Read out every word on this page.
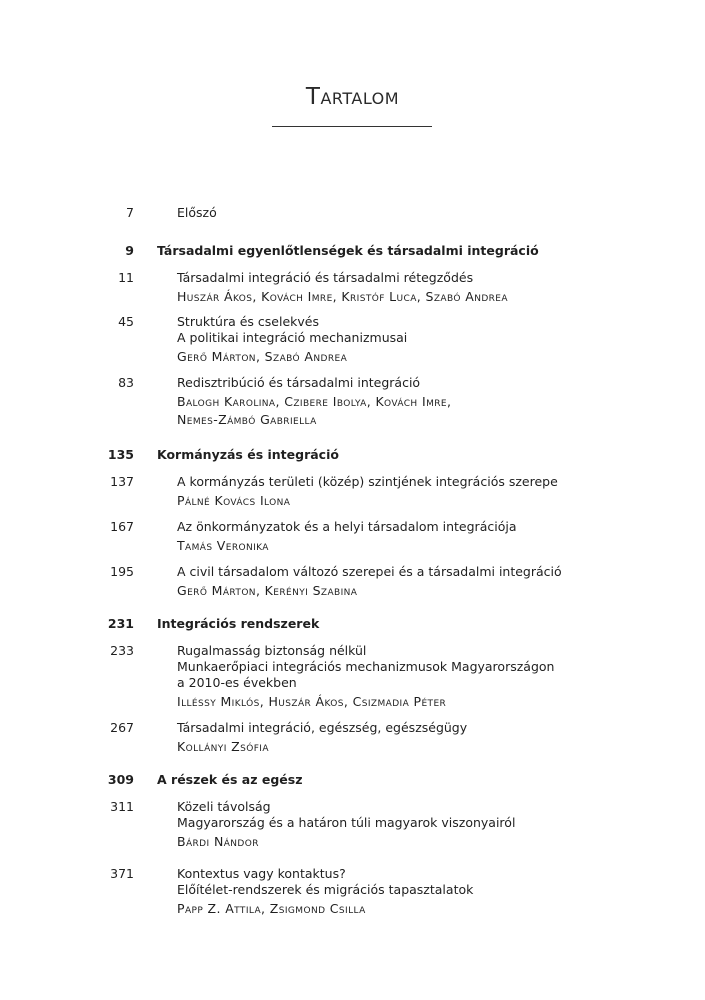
Tartalom
7	Előszó
9 Társadalmi egyenlőtlenségek és társadalmi integráció
11	Társadalmi integráció és társadalmi rétegződés
Huszár Ákos, Kovách Imre, Kristóf Luca, Szabó Andrea
45	Struktúra és cselekvés
A politikai integráció mechanizmusai
Gerő Márton, Szabó Andrea
83	Redisztribúció és társadalmi integráció
Balogh Karolina, Czibere Ibolya, Kovách Imre,
Nemes-Zámbó Gabriella
135 Kormányzás és integráció
137	A kormányzás területi (közép) szintjének integrációs szerepe
Pálné Kovács Ilona
167	Az önkormányzatok és a helyi társadalom integrációja
Tamás Veronika
195	A civil társadalom változó szerepei és a társadalmi integráció
Gerő Márton, Kerényi Szabina
231 Integrációs rendszerek
233	Rugalmasság biztonság nélkül
Munkaerőpiaci integrációs mechanizmusok Magyarországon
a 2010-es években
Illéssy Miklós, Huszár Ákos, Csizmadia Péter
267	Társadalmi integráció, egészség, egészségügy
Kollányi Zsófia
309 A részek és az egész
311	Közeli távolság
Magyarország és a határon túli magyarok viszonyairól
Bárdi Nándor
371	Kontextus vagy kontaktus?
Előítélet-rendszerek és migrációs tapasztalatok
Papp Z. Attila, Zsigmond Csilla
